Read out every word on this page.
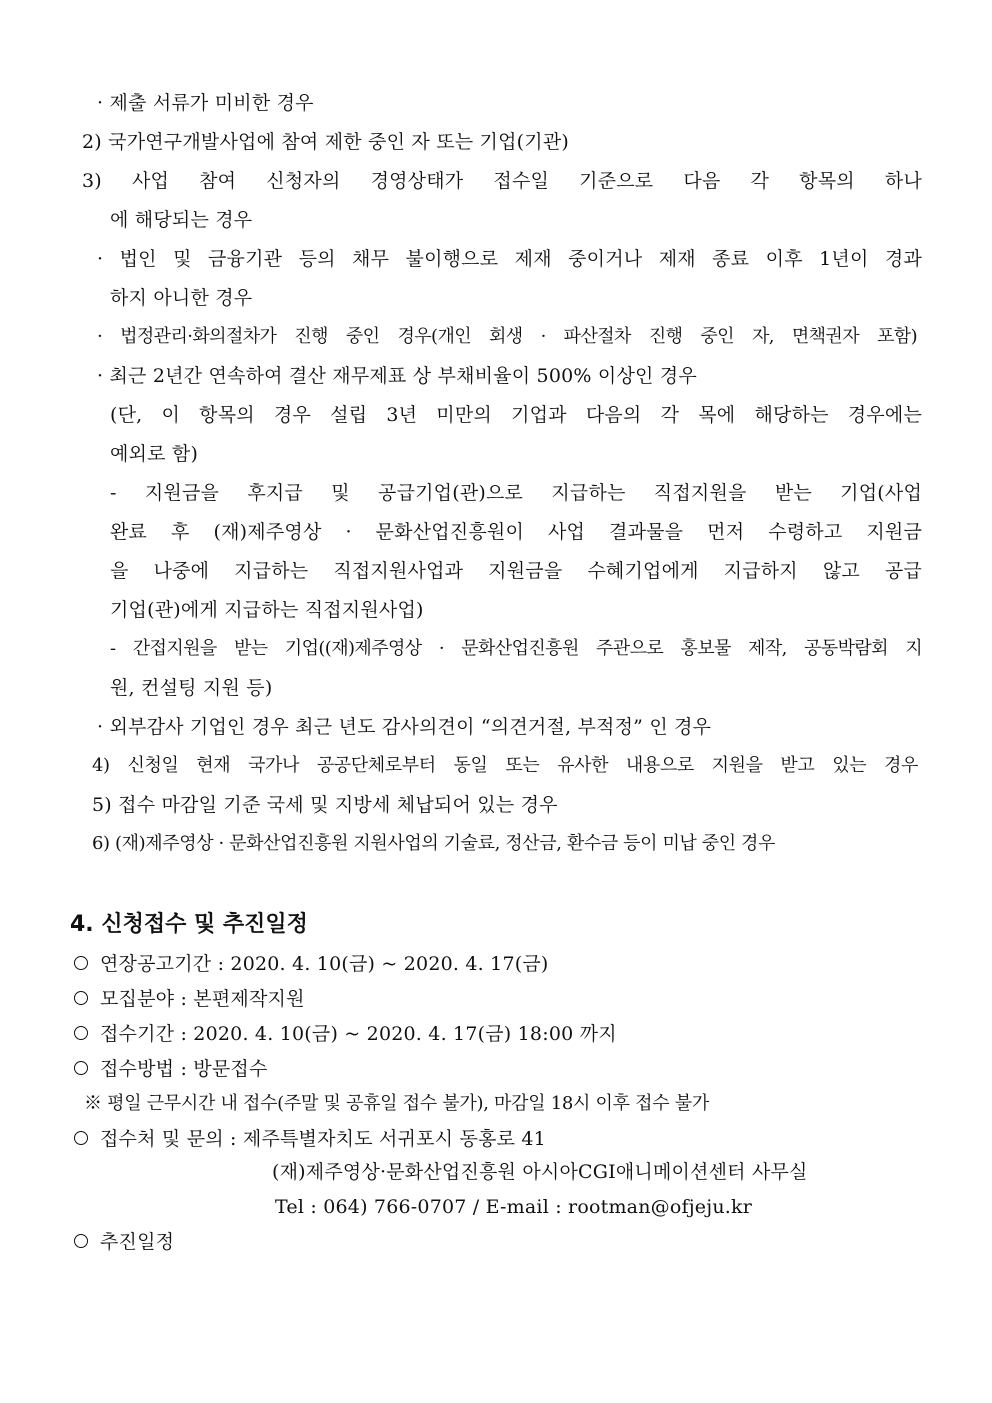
· 제출 서류가 미비한 경우
2) 국가연구개발사업에 참여 제한 중인 자 또는 기업(기관)
3) 사업 참여 신청자의 경영상태가 접수일 기준으로 다음 각 항목의 하나
에 해당되는 경우
· 법인 및 금융기관 등의 채무 불이행으로 제재 중이거나 제재 종료 이후 1년이 경과
하지 아니한 경우
· 법정관리·화의절차가 진행 중인 경우(개인 회생 · 파산절차 진행 중인 자, 면책권자 포함)
· 최근 2년간 연속하여 결산 재무제표 상 부채비율이 500% 이상인 경우
(단, 이 항목의 경우 설립 3년 미만의 기업과 다음의 각 목에 해당하는 경우에는
예외로 함)
- 지원금을 후지급 및 공급기업(관)으로 지급하는 직접지원을 받는 기업(사업
완료 후 (재)제주영상 · 문화산업진흥원이 사업 결과물을 먼저 수령하고 지원금
을 나중에 지급하는 직접지원사업과 지원금을 수혜기업에게 지급하지 않고 공급
기업(관)에게 지급하는 직접지원사업)
- 간접지원을 받는 기업((재)제주영상 · 문화산업진흥원 주관으로 홍보물 제작, 공동박람회 지
원, 컨설팅 지원 등)
· 외부감사 기업인 경우 최근 년도 감사의견이 “의견거절, 부적정” 인 경우
4) 신청일 현재 국가나 공공단체로부터 동일 또는 유사한 내용으로 지원을 받고 있는 경우
5) 접수 마감일 기준 국세 및 지방세 체납되어 있는 경우
6) (재)제주영상 · 문화산업진흥원 지원사업의 기술료, 정산금, 환수금 등이 미납 중인 경우
4. 신청접수 및 추진일정
연장공고기간 : 2020. 4. 10(금) ~ 2020. 4. 17(금)
모집분야 : 본편제작지원
접수기간 : 2020. 4. 10(금) ~ 2020. 4. 17(금) 18:00 까지
접수방법 : 방문접수
※ 평일 근무시간 내 접수(주말 및 공휴일 접수 불가), 마감일 18시 이후 접수 불가
접수처 및 문의 : 제주특별자치도 서귀포시 동홍로 41
(재)제주영상·문화산업진흥원 아시아CGI애니메이션센터 사무실
Tel : 064) 766-0707 / E-mail : rootman@ofjeju.kr
추진일정
